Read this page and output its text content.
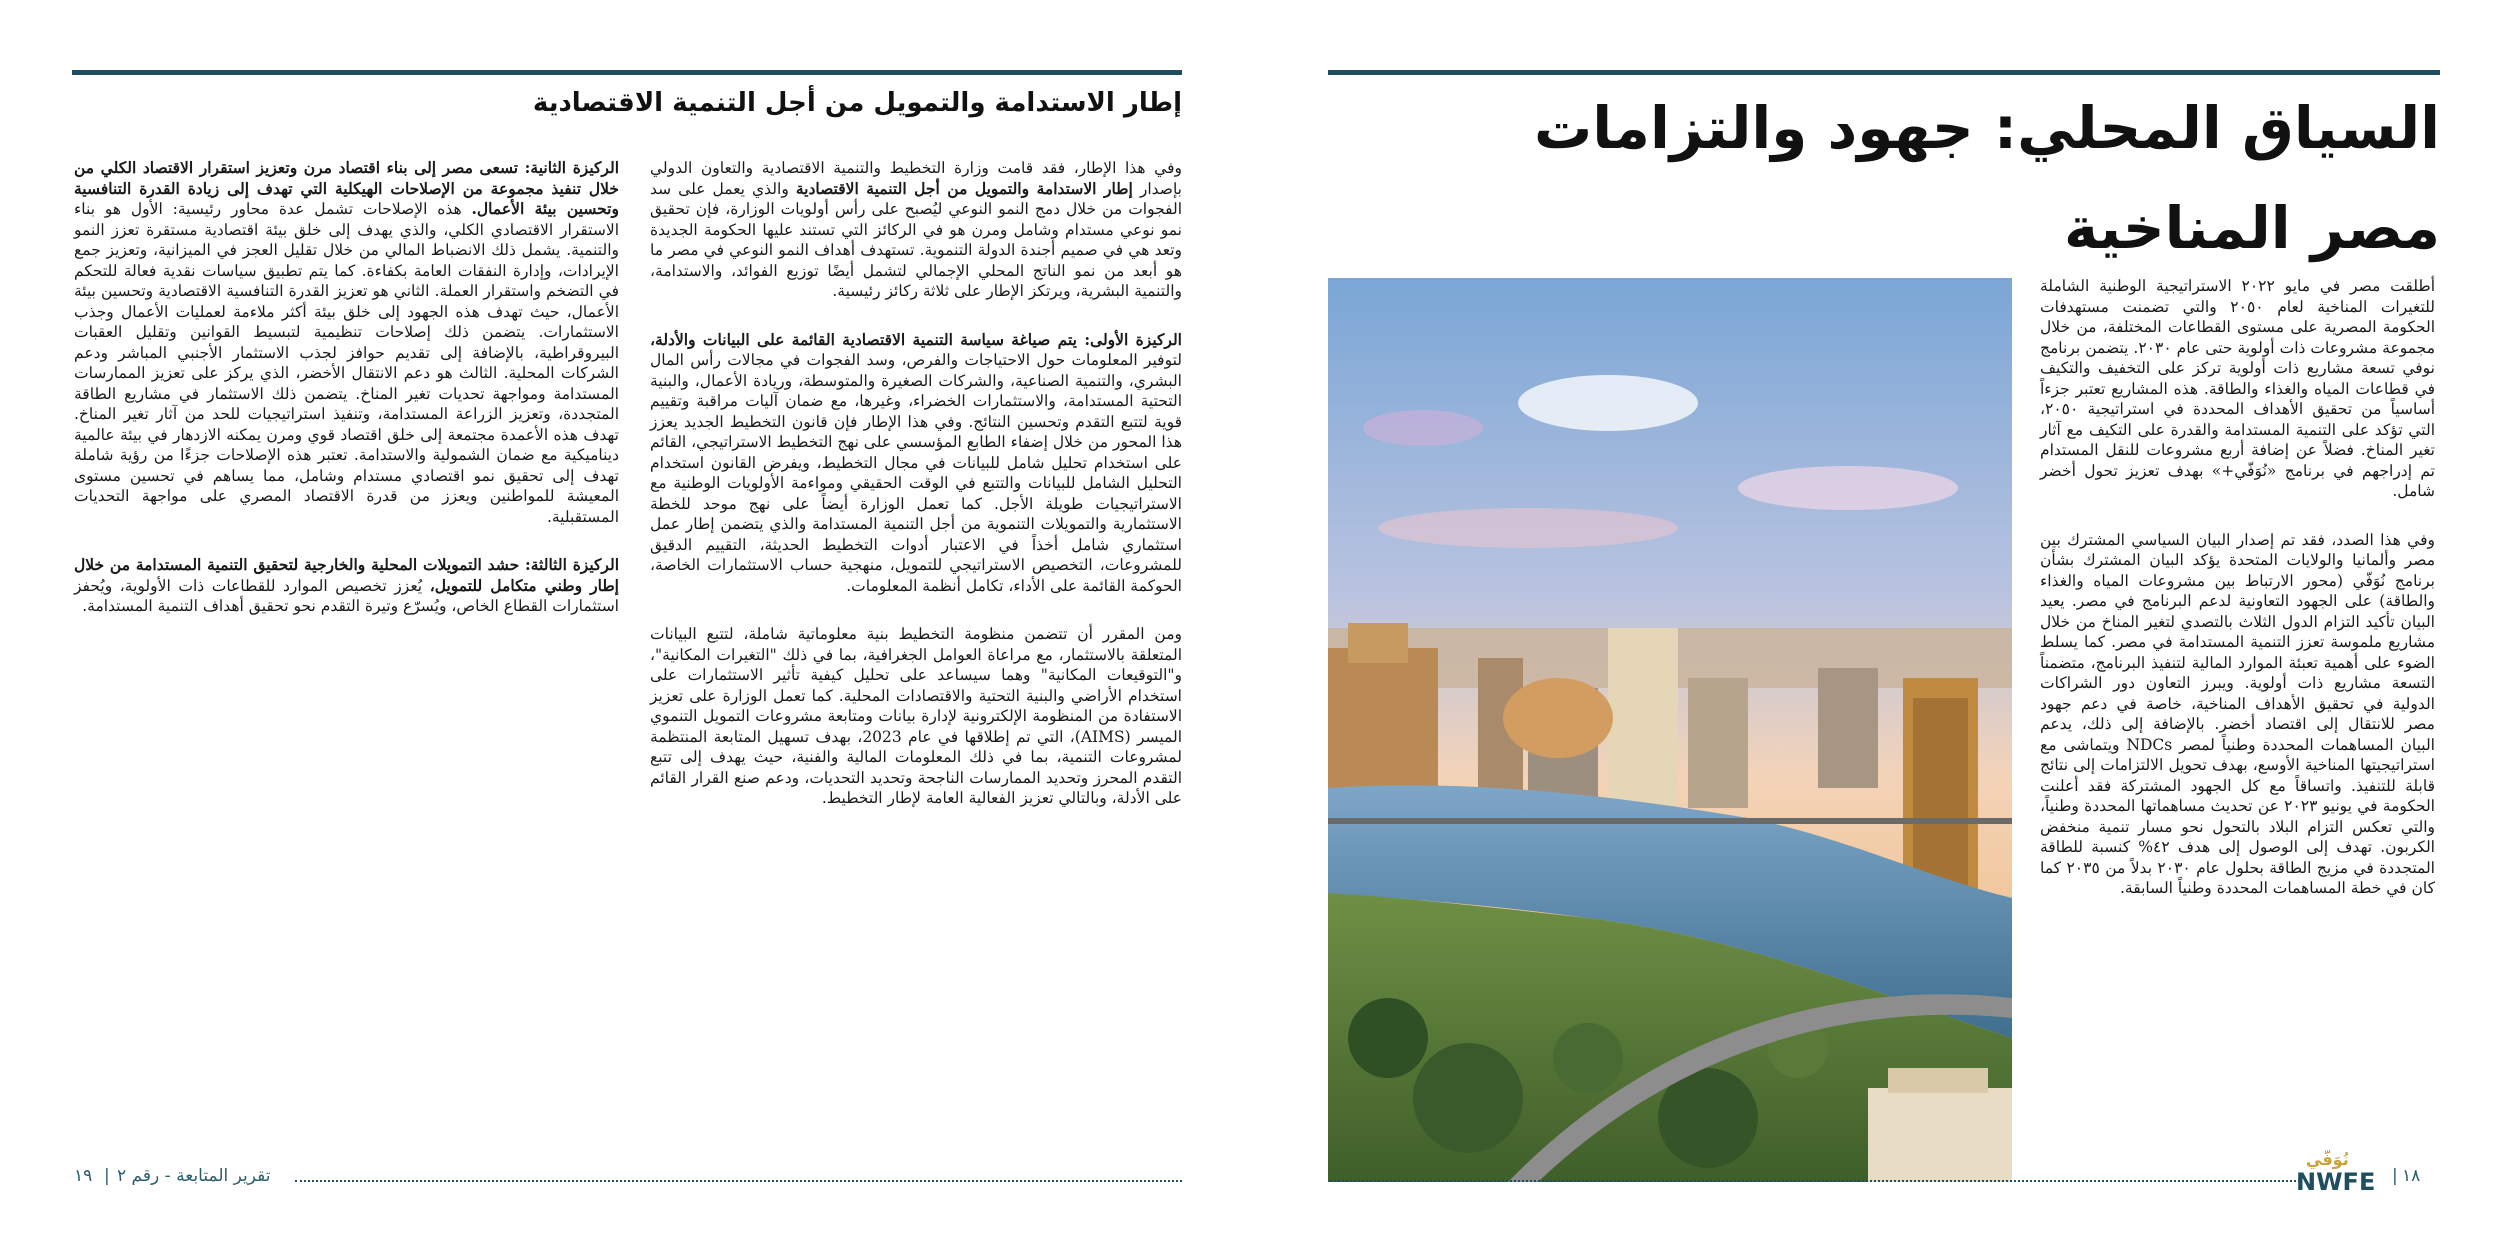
السياق المحلي: جهود والتزامات مصر المناخية

أطلقت مصر في مايو ٢٠٢٢ الاستراتيجية الوطنية الشاملة للتغيرات المناخية لعام ٢٠٥٠ والتي تضمنت مستهدفات الحكومة المصرية على مستوى القطاعات المختلفة، من خلال مجموعة مشروعات ذات أولوية حتى عام ٢٠٣٠. يتضمن برنامج نوفي تسعة مشاريع ذات أولوية تركز على التخفيف والتكيف في قطاعات المياه والغذاء والطاقة. هذه المشاريع تعتبر جزءاً أساسياً من تحقيق الأهداف المحددة في استراتيجية ٢٠٥٠، التي تؤكد على التنمية المستدامة والقدرة على التكيف مع آثار تغير المناخ. فضلاً عن إضافة أربع مشروعات للنقل المستدام تم إدراجهم في برنامج «نُوَفّي+» بهدف تعزيز تحول أخضر شامل.

وفي هذا الصدد، فقد تم إصدار البيان السياسي المشترك بين مصر وألمانيا والولايات المتحدة يؤكد البيان المشترك بشأن برنامج نُوَفّي (محور الارتباط بين مشروعات المياه والغذاء والطاقة) على الجهود التعاونية لدعم البرنامج في مصر. يعيد البيان تأكيد التزام الدول الثلاث بالتصدي لتغير المناخ من خلال مشاريع ملموسة تعزز التنمية المستدامة في مصر. كما يسلط الضوء على أهمية تعبئة الموارد المالية لتنفيذ البرنامج، متضمناً التسعة مشاريع ذات أولوية. ويبرز التعاون دور الشراكات الدولية في تحقيق الأهداف المناخية، خاصة في دعم جهود مصر للانتقال إلى اقتصاد أخضر. بالإضافة إلى ذلك، يدعم البيان المساهمات المحددة وطنياً لمصر NDCs ويتماشى مع استراتيجيتها المناخية الأوسع، بهدف تحويل الالتزامات إلى نتائج قابلة للتنفيذ. واتساقاً مع كل الجهود المشتركة فقد أعلنت الحكومة في يونيو ٢٠٢٣ عن تحديث مساهماتها المحددة وطنياً، والتي تعكس التزام البلاد بالتحول نحو مسار تنمية منخفض الكربون. تهدف إلى الوصول إلى هدف ٤٢% كنسبة للطاقة المتجددة في مزيج الطاقة بحلول عام ٢٠٣٠ بدلاً من ٢٠٣٥ كما كان في خطة المساهمات المحددة وطنياً السابقة.

١٨
|
نُوَفّي
NWFE
إطار الاستدامة والتمويل من أجل التنمية الاقتصادية

وفي هذا الإطار، فقد قامت وزارة التخطيط والتنمية الاقتصادية والتعاون الدولي بإصدار إطار الاستدامة والتمويل من أجل التنمية الاقتصادية والذي يعمل على سد الفجوات من خلال دمج النمو النوعي ليُصبح على رأس أولويات الوزارة، فإن تحقيق نمو نوعي مستدام وشامل ومرن هو في الركائز التي تستند عليها الحكومة الجديدة وتعد هي في صميم أجندة الدولة التنموية. تستهدف أهداف النمو النوعي في مصر ما هو أبعد من نمو الناتج المحلي الإجمالي لتشمل أيضًا توزيع الفوائد، والاستدامة، والتنمية البشرية، ويرتكز الإطار على ثلاثة ركائز رئيسية.

الركيزة الأولى: يتم صياغة سياسة التنمية الاقتصادية القائمة على البيانات والأدلة، لتوفير المعلومات حول الاحتياجات والفرص، وسد الفجوات في مجالات رأس المال البشري، والتنمية الصناعية، والشركات الصغيرة والمتوسطة، وريادة الأعمال، والبنية التحتية المستدامة، والاستثمارات الخضراء، وغيرها، مع ضمان آليات مراقبة وتقييم قوية لتتبع التقدم وتحسين النتائج. وفي هذا الإطار فإن قانون التخطيط الجديد يعزز هذا المحور من خلال إضفاء الطابع المؤسسي على نهج التخطيط الاستراتيجي، القائم على استخدام تحليل شامل للبيانات في مجال التخطيط، ويفرض القانون استخدام التحليل الشامل للبيانات والتتبع في الوقت الحقيقي ومواءمة الأولويات الوطنية مع الاستراتيجيات طويلة الأجل. كما تعمل الوزارة أيضاً على نهج موحد للخطة الاستثمارية والتمويلات التنموية من أجل التنمية المستدامة والذي يتضمن إطار عمل استثماري شامل أخذاً في الاعتبار أدوات التخطيط الحديثة، التقييم الدقيق للمشروعات، التخصيص الاستراتيجي للتمويل، منهجية حساب الاستثمارات الخاصة، الحوكمة القائمة على الأداء، تكامل أنظمة المعلومات.

ومن المقرر أن تتضمن منظومة التخطيط بنية معلوماتية شاملة، لتتبع البيانات المتعلقة بالاستثمار، مع مراعاة العوامل الجغرافية، بما في ذلك "التغيرات المكانية"، و"التوقيعات المكانية" وهما سيساعد على تحليل كيفية تأثير الاستثمارات على استخدام الأراضي والبنية التحتية والاقتصادات المحلية. كما تعمل الوزارة على تعزيز الاستفادة من المنظومة الإلكترونية لإدارة بيانات ومتابعة مشروعات التمويل التنموي الميسر (AIMS)، التي تم إطلاقها في عام 2023، بهدف تسهيل المتابعة المنتظمة لمشروعات التنمية، بما في ذلك المعلومات المالية والفنية، حيث يهدف إلى تتبع التقدم المحرز وتحديد الممارسات الناجحة وتحديد التحديات، ودعم صنع القرار القائم على الأدلة، وبالتالي تعزيز الفعالية العامة لإطار التخطيط.

الركيزة الثانية: تسعى مصر إلى بناء اقتصاد مرن وتعزيز استقرار الاقتصاد الكلي من خلال تنفيذ مجموعة من الإصلاحات الهيكلية التي تهدف إلى زيادة القدرة التنافسية وتحسين بيئة الأعمال. هذه الإصلاحات تشمل عدة محاور رئيسية: الأول هو بناء الاستقرار الاقتصادي الكلي، والذي يهدف إلى خلق بيئة اقتصادية مستقرة تعزز النمو والتنمية. يشمل ذلك الانضباط المالي من خلال تقليل العجز في الميزانية، وتعزيز جمع الإيرادات، وإدارة النفقات العامة بكفاءة. كما يتم تطبيق سياسات نقدية فعالة للتحكم في التضخم واستقرار العملة. الثاني هو تعزيز القدرة التنافسية الاقتصادية وتحسين بيئة الأعمال، حيث تهدف هذه الجهود إلى خلق بيئة أكثر ملاءمة لعمليات الأعمال وجذب الاستثمارات. يتضمن ذلك إصلاحات تنظيمية لتبسيط القوانين وتقليل العقبات البيروقراطية، بالإضافة إلى تقديم حوافز لجذب الاستثمار الأجنبي المباشر ودعم الشركات المحلية. الثالث هو دعم الانتقال الأخضر، الذي يركز على تعزيز الممارسات المستدامة ومواجهة تحديات تغير المناخ. يتضمن ذلك الاستثمار في مشاريع الطاقة المتجددة، وتعزيز الزراعة المستدامة، وتنفيذ استراتيجيات للحد من آثار تغير المناخ. تهدف هذه الأعمدة مجتمعة إلى خلق اقتصاد قوي ومرن يمكنه الازدهار في بيئة عالمية ديناميكية مع ضمان الشمولية والاستدامة. تعتبر هذه الإصلاحات جزءًا من رؤية شاملة تهدف إلى تحقيق نمو اقتصادي مستدام وشامل، مما يساهم في تحسين مستوى المعيشة للمواطنين ويعزز من قدرة الاقتصاد المصري على مواجهة التحديات المستقبلية.

الركيزة الثالثة: حشد التمويلات المحلية والخارجية لتحقيق التنمية المستدامة من خلال إطار وطني متكامل للتمويل، يُعزز تخصيص الموارد للقطاعات ذات الأولوية، ويُحفز استثمارات القطاع الخاص، ويُسرّع وتيرة التقدم نحو تحقيق أهداف التنمية المستدامة.

تقرير المتابعة - رقم ٢
|
١٩
